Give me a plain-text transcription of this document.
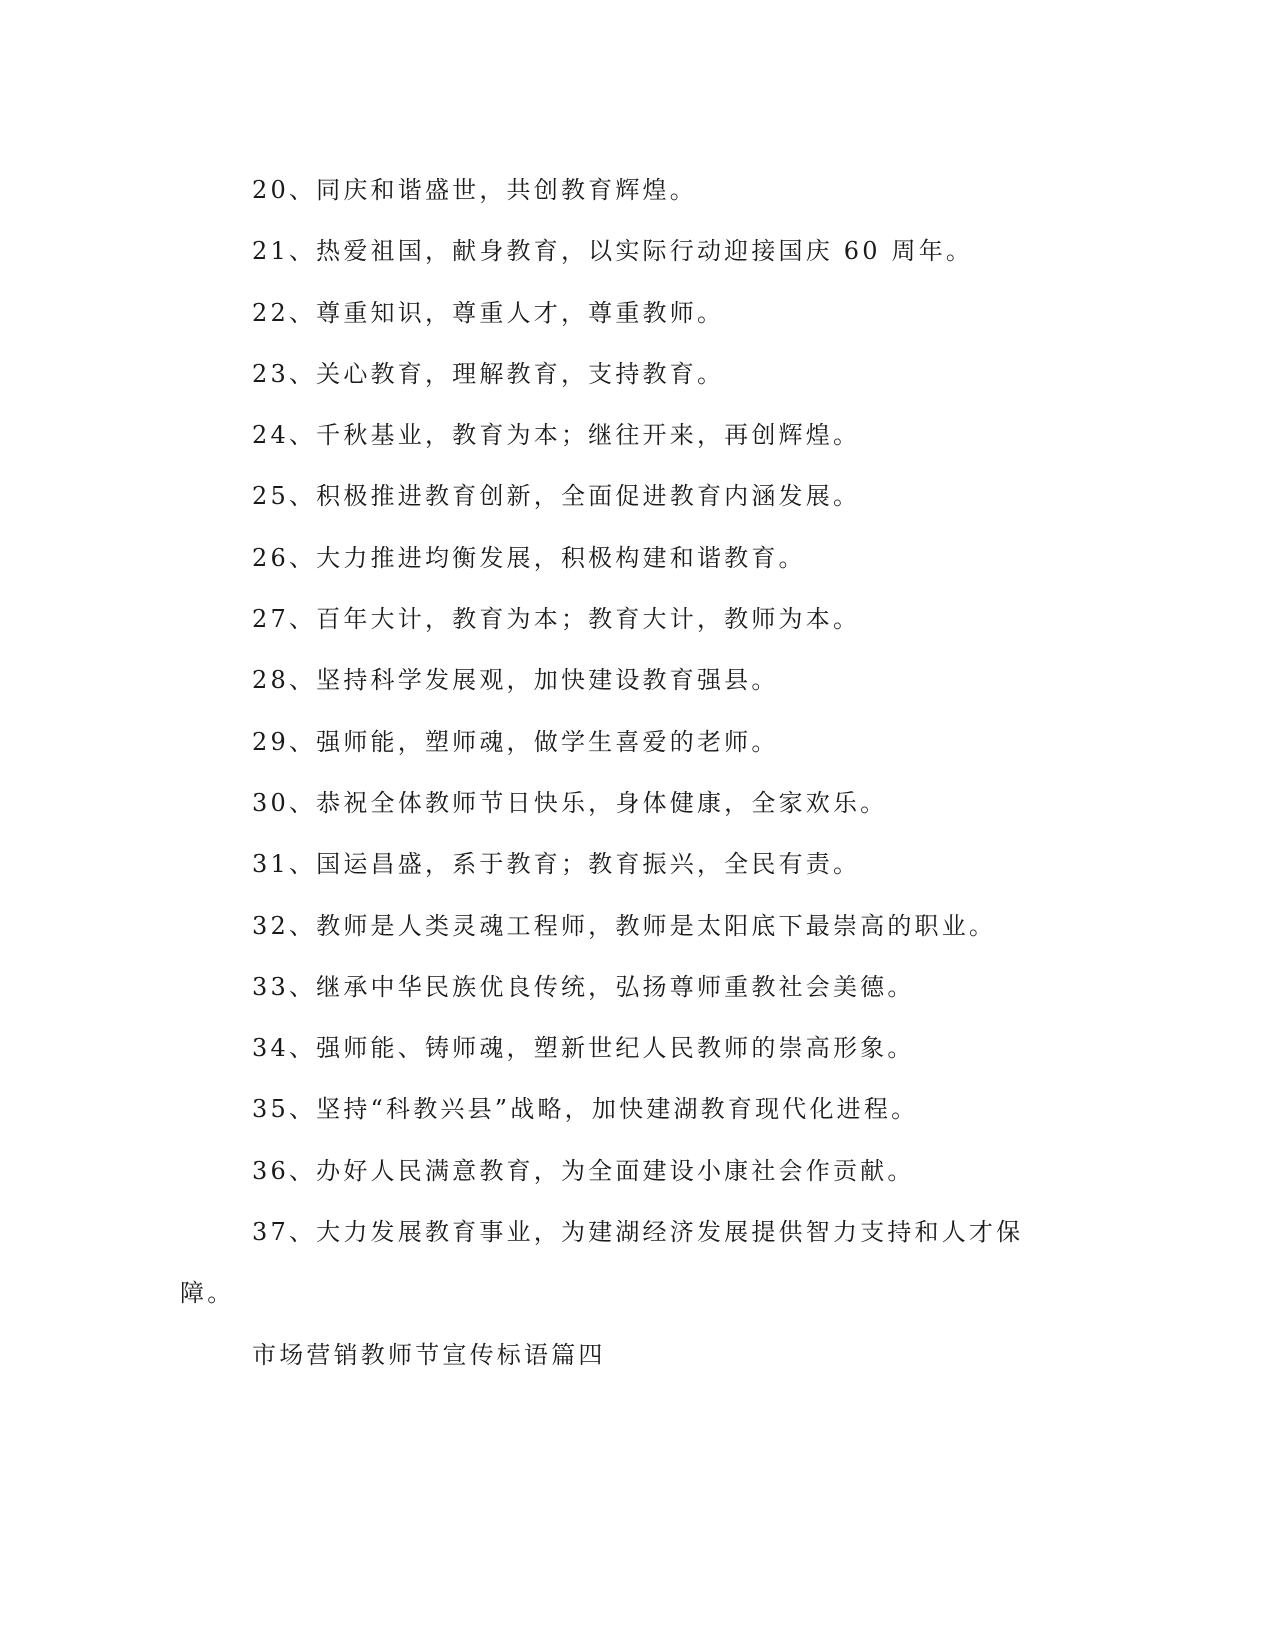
20、同庆和谐盛世，共创教育辉煌。

21、热爱祖国，献身教育，以实际行动迎接国庆 60 周年。

22、尊重知识，尊重人才，尊重教师。

23、关心教育，理解教育，支持教育。

24、千秋基业，教育为本；继往开来，再创辉煌。

25、积极推进教育创新，全面促进教育内涵发展。

26、大力推进均衡发展，积极构建和谐教育。

27、百年大计，教育为本；教育大计，教师为本。

28、坚持科学发展观，加快建设教育强县。

29、强师能，塑师魂，做学生喜爱的老师。

30、恭祝全体教师节日快乐，身体健康，全家欢乐。

31、国运昌盛，系于教育；教育振兴，全民有责。

32、教师是人类灵魂工程师，教师是太阳底下最崇高的职业。

33、继承中华民族优良传统，弘扬尊师重教社会美德。

34、强师能、铸师魂，塑新世纪人民教师的崇高形象。

35、坚持“科教兴县”战略，加快建湖教育现代化进程。

36、办好人民满意教育，为全面建设小康社会作贡献。

37、大力发展教育事业，为建湖经济发展提供智力支持和人才保

障。

市场营销教师节宣传标语篇四
